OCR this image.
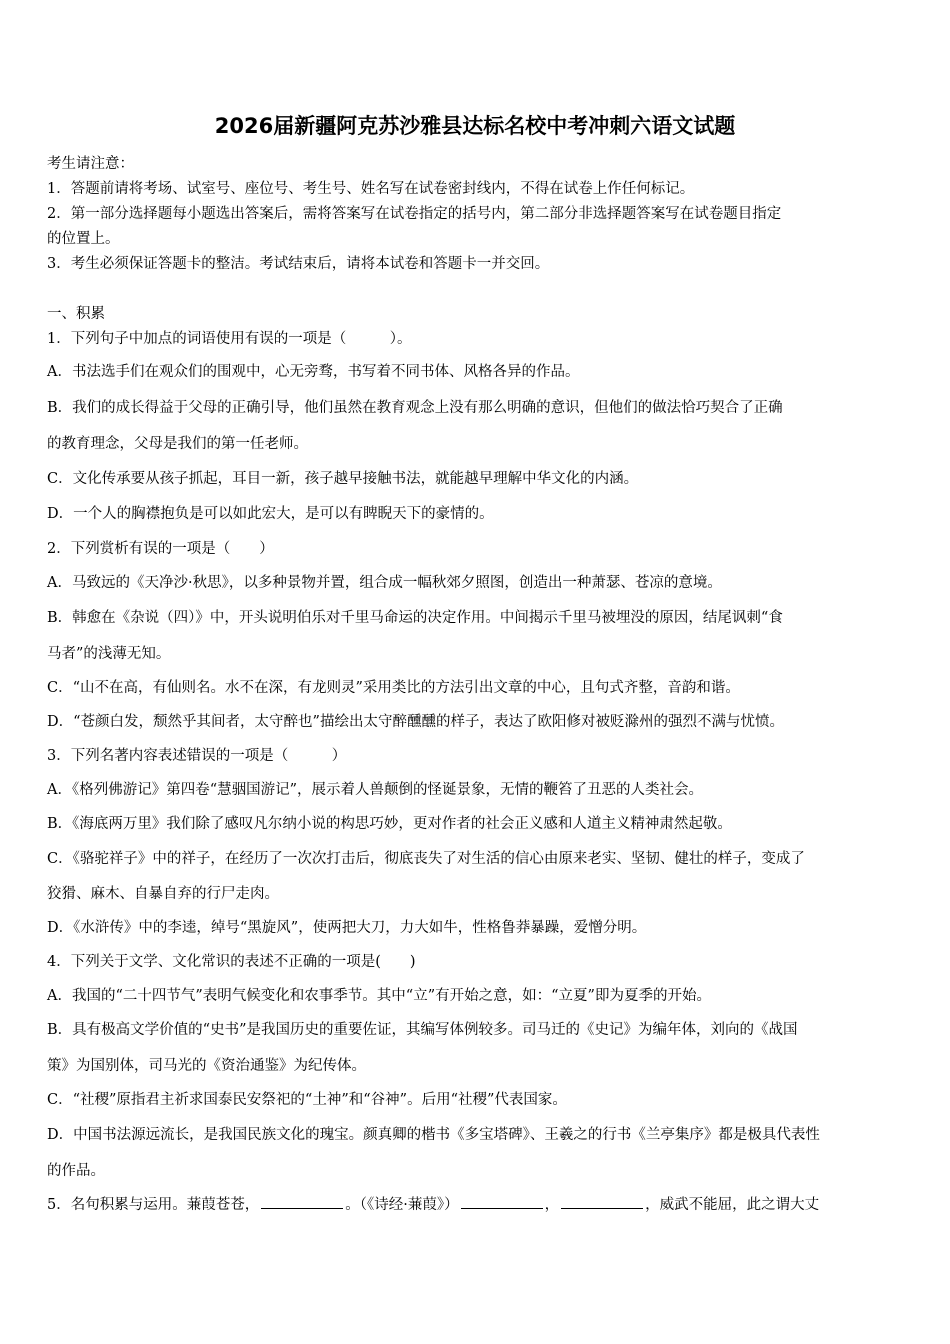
2026届新疆阿克苏沙雅县达标名校中考冲刺六语文试题
考生请注意：
1．答题前请将考场、试室号、座位号、考生号、姓名写在试卷密封线内，不得在试卷上作任何标记。
2．第一部分选择题每小题选出答案后，需将答案写在试卷指定的括号内，第二部分非选择题答案写在试卷题目指定
的位置上。
3．考生必须保证答题卡的整洁。考试结束后，请将本试卷和答题卡一并交回。
一、积累
1．下列句子中加点的词语使用有误的一项是（　　　）。
A．书法选手们在观众们的围观中，心无旁骛，书写着不同书体、风格各异的作品。
B．我们的成长得益于父母的正确引导，他们虽然在教育观念上没有那么明确的意识，但他们的做法恰巧契合了正确
的教育理念，父母是我们的第一任老师。
C．文化传承要从孩子抓起，耳目一新，孩子越早接触书法，就能越早理解中华文化的内涵。
D．一个人的胸襟抱负是可以如此宏大，是可以有睥睨天下的豪情的。
2．下列赏析有误的一项是（　　）
A．马致远的《天净沙·秋思》，以多种景物并置，组合成一幅秋郊夕照图，创造出一种萧瑟、苍凉的意境。
B．韩愈在《杂说（四）》中，开头说明伯乐对千里马命运的决定作用。中间揭示千里马被埋没的原因，结尾讽刺“食
马者”的浅薄无知。
C．“山不在高，有仙则名。水不在深，有龙则灵”采用类比的方法引出文章的中心，且句式齐整，音韵和谐。
D．“苍颜白发，颓然乎其间者，太守醉也”描绘出太守醉醺醺的样子，表达了欧阳修对被贬滁州的强烈不满与忧愤。
3．下列名著内容表述错误的一项是（　　　）
A．《格列佛游记》第四卷“慧骃国游记”，展示着人兽颠倒的怪诞景象，无情的鞭笞了丑恶的人类社会。
B．《海底两万里》我们除了感叹凡尔纳小说的构思巧妙，更对作者的社会正义感和人道主义精神肃然起敬。
C．《骆驼祥子》中的祥子，在经历了一次次打击后，彻底丧失了对生活的信心由原来老实、坚韧、健壮的样子，变成了
狡猾、麻木、自暴自弃的行尸走肉。
D．《水浒传》中的李逵，绰号“黑旋风”，使两把大刀，力大如牛，性格鲁莽暴躁，爱憎分明。
4．下列关于文学、文化常识的表述不正确的一项是(　　)
A．我国的“二十四节气”表明气候变化和农事季节。其中“立”有开始之意，如：“立夏”即为夏季的开始。
B．具有极高文学价值的“史书”是我国历史的重要佐证，其编写体例较多。司马迁的《史记》为编年体，刘向的《战国
策》为国别体，司马光的《资治通鉴》为纪传体。
C．“社稷”原指君主祈求国泰民安祭祀的“土神”和“谷神”。后用“社稷”代表国家。
D．中国书法源远流长，是我国民族文化的瑰宝。颜真卿的楷书《多宝塔碑》、王羲之的行书《兰亭集序》都是极具代表性
的作品。
5．名句积累与运用。蒹葭苍苍，	。（《诗经·蒹葭》）	，	，威武不能屈，此之谓大丈
